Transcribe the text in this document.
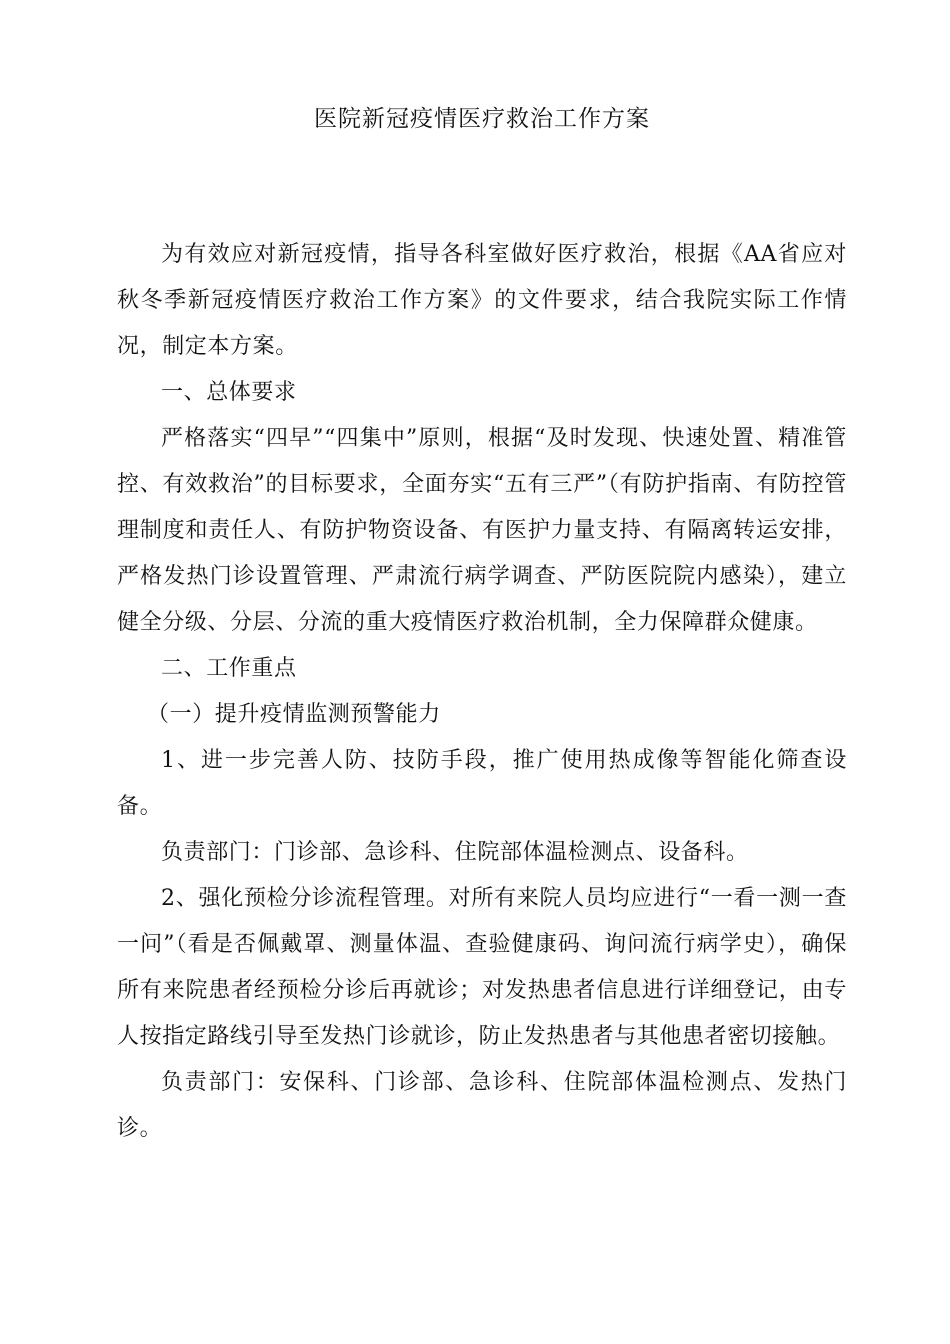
医院新冠疫情医疗救治工作方案

为有效应对新冠疫情，指导各科室做好医疗救治，根据《AA省应对秋冬季新冠疫情医疗救治工作方案》的文件要求，结合我院实际工作情况，制定本方案。

一、总体要求

严格落实“四早”“四集中”原则，根据“及时发现、快速处置、精准管控、有效救治”的目标要求，全面夯实“五有三严”（有防护指南、有防控管理制度和责任人、有防护物资设备、有医护力量支持、有隔离转运安排，严格发热门诊设置管理、严肃流行病学调查、严防医院院内感染），建立健全分级、分层、分流的重大疫情医疗救治机制，全力保障群众健康。

二、工作重点

（一）提升疫情监测预警能力

1、进一步完善人防、技防手段，推广使用热成像等智能化筛查设备。

负责部门：门诊部、急诊科、住院部体温检测点、设备科。

2、强化预检分诊流程管理。对所有来院人员均应进行“一看一测一查一问”（看是否佩戴罩、测量体温、查验健康码、询问流行病学史），确保所有来院患者经预检分诊后再就诊；对发热患者信息进行详细登记，由专人按指定路线引导至发热门诊就诊，防止发热患者与其他患者密切接触。

负责部门：安保科、门诊部、急诊科、住院部体温检测点、发热门诊。
